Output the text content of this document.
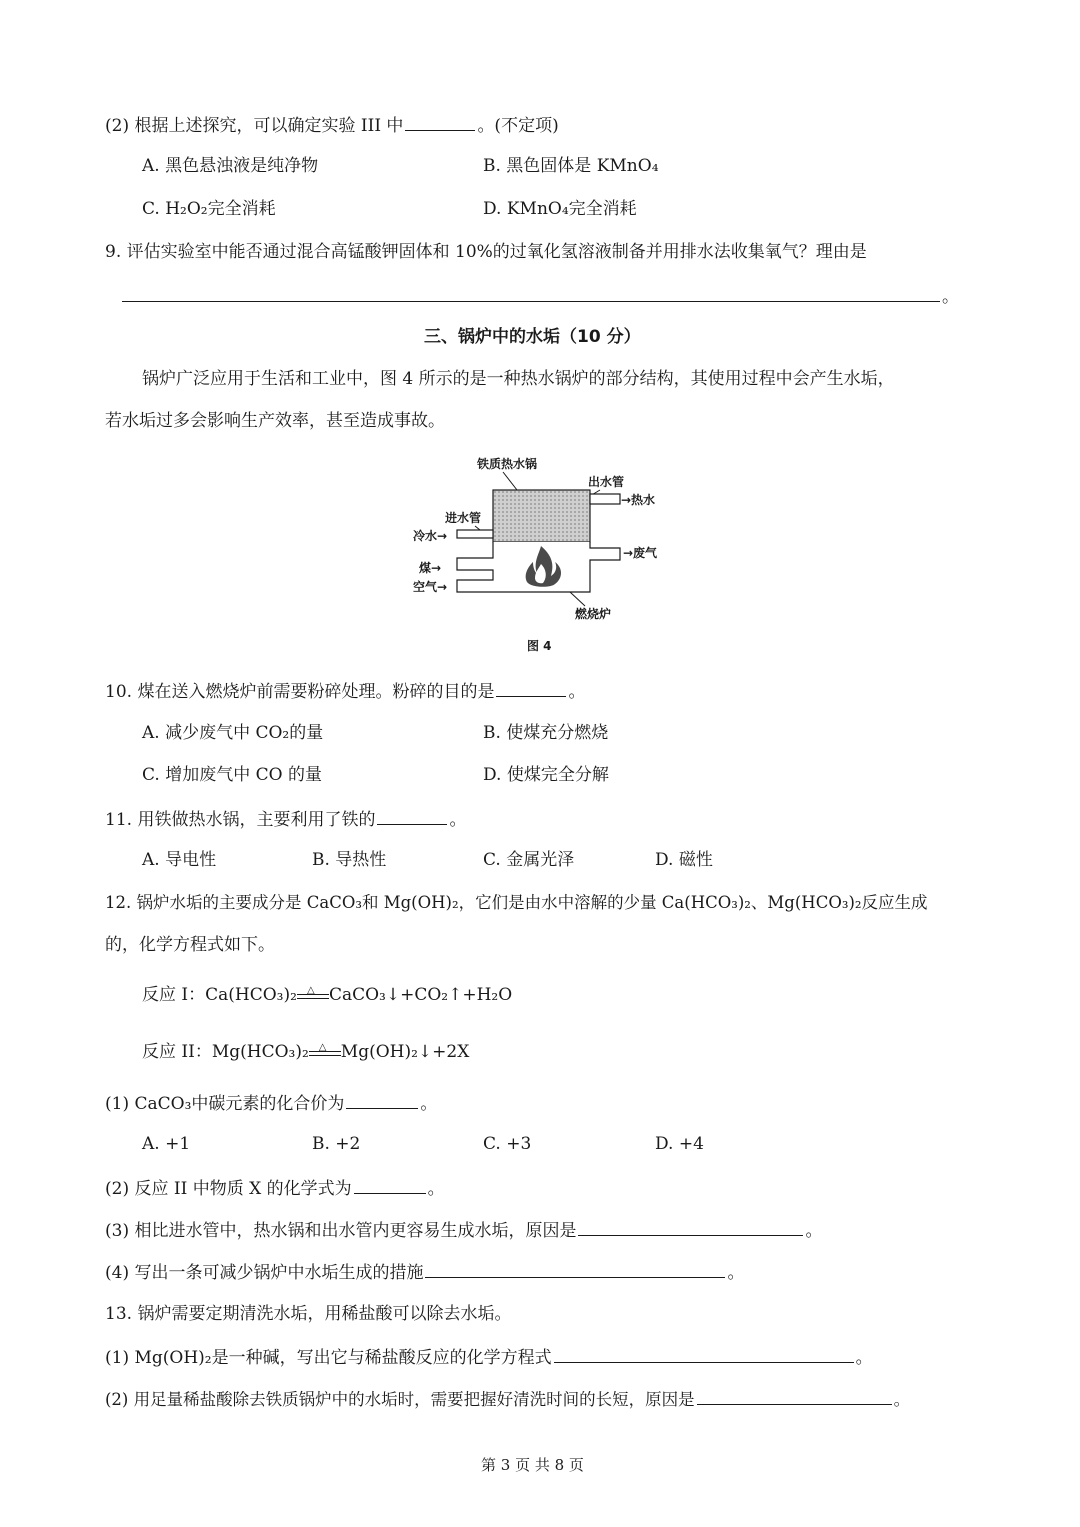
(2) 根据上述探究，可以确定实验 III 中	。(不定项)
A. 黑色悬浊液是纯净物	B. 黑色固体是 KMnO₄
C. H₂O₂完全消耗	D. KMnO₄完全消耗
9. 评估实验室中能否通过混合高锰酸钾固体和 10%的过氧化氢溶液制备并用排水法收集氧气？理由是
。
三、锅炉中的水垢（10 分）
锅炉广泛应用于生活和工业中，图 4 所示的是一种热水锅炉的部分结构，其使用过程中会产生水垢，
若水垢过多会影响生产效率，甚至造成事故。
铁质热水锅
出水管
→热水
进水管
冷水→
→废气
煤→
空气→
燃烧炉
图 4
10. 煤在送入燃烧炉前需要粉碎处理。粉碎的目的是	。
A. 减少废气中 CO₂的量	B. 使煤充分燃烧
C. 增加废气中 CO 的量	D. 使煤完全分解
11. 用铁做热水锅，主要利用了铁的	。
A. 导电性	B. 导热性	C. 金属光泽	D. 磁性
12. 锅炉水垢的主要成分是 CaCO₃和 Mg(OH)₂，它们是由水中溶解的少量 Ca(HCO₃)₂、Mg(HCO₃)₂反应生成
的，化学方程式如下。
反应 I：Ca(HCO₃)₂ △ CaCO₃↓+CO₂↑+H₂O
反应 II：Mg(HCO₃)₂ △ Mg(OH)₂↓+2X
(1) CaCO₃中碳元素的化合价为	。
A. +1	B. +2	C. +3	D. +4
(2) 反应 II 中物质 X 的化学式为	。
(3) 相比进水管中，热水锅和出水管内更容易生成水垢，原因是	。
(4) 写出一条可减少锅炉中水垢生成的措施	。
13. 锅炉需要定期清洗水垢，用稀盐酸可以除去水垢。
(1) Mg(OH)₂是一种碱，写出它与稀盐酸反应的化学方程式	。
(2) 用足量稀盐酸除去铁质锅炉中的水垢时，需要把握好清洗时间的长短，原因是	。
第 3 页 共 8 页
